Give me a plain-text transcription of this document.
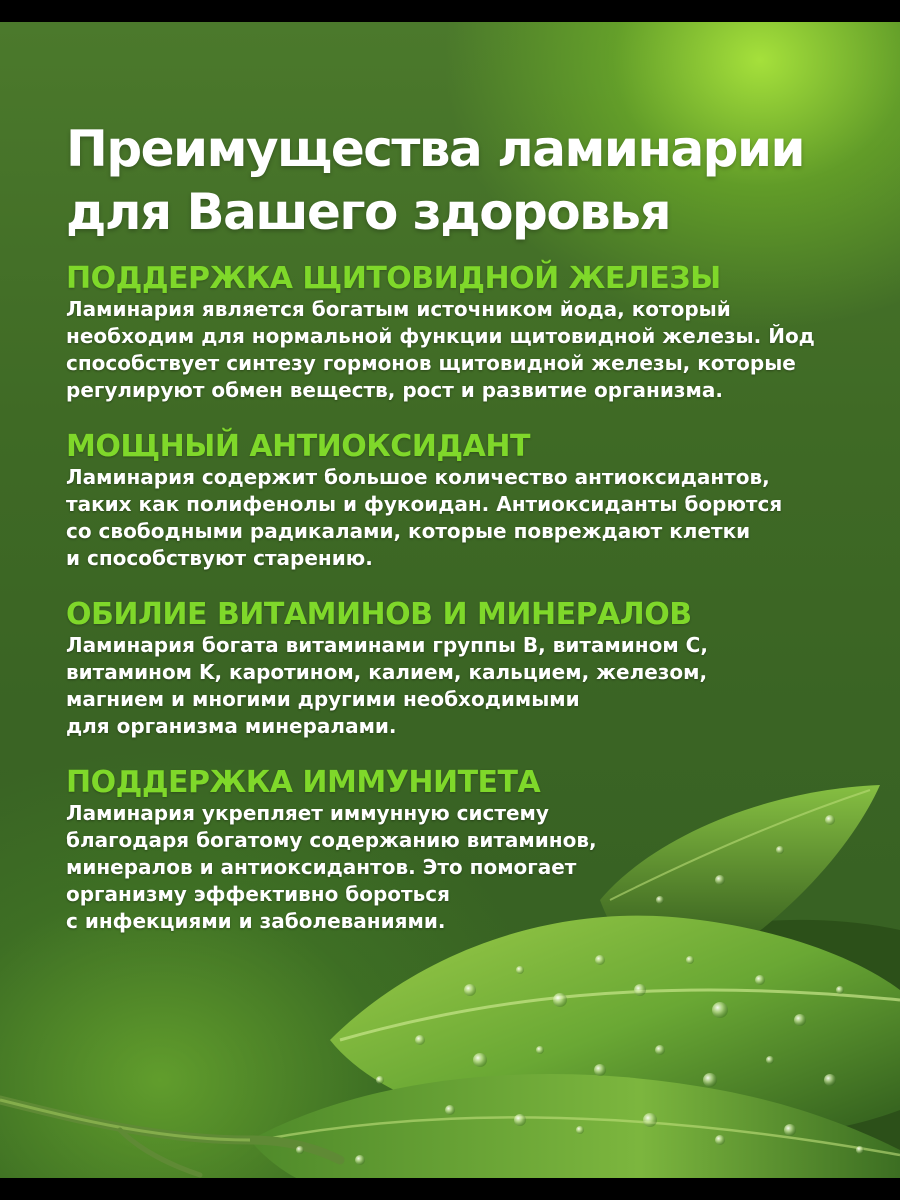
Преимущества ламинарии
для Вашего здоровья
ПОДДЕРЖКА ЩИТОВИДНОЙ ЖЕЛЕЗЫ
Ламинария является богатым источником йода, который
необходим для нормальной функции щитовидной железы. Йод
способствует синтезу гормонов щитовидной железы, которые
регулируют обмен веществ, рост и развитие организма.
МОЩНЫЙ АНТИОКСИДАНТ
Ламинария содержит большое количество антиоксидантов,
таких как полифенолы и фукоидан. Антиоксиданты борются
со свободными радикалами, которые повреждают клетки
и способствуют старению.
ОБИЛИЕ ВИТАМИНОВ И МИНЕРАЛОВ
Ламинария богата витаминами группы B, витамином C,
витамином K, каротином, калием, кальцием, железом,
магнием и многими другими необходимыми
для организма минералами.
ПОДДЕРЖКА ИММУНИТЕТА
Ламинария укрепляет иммунную систему
благодаря богатому содержанию витаминов,
минералов и антиоксидантов. Это помогает
организму эффективно бороться
с инфекциями и заболеваниями.
